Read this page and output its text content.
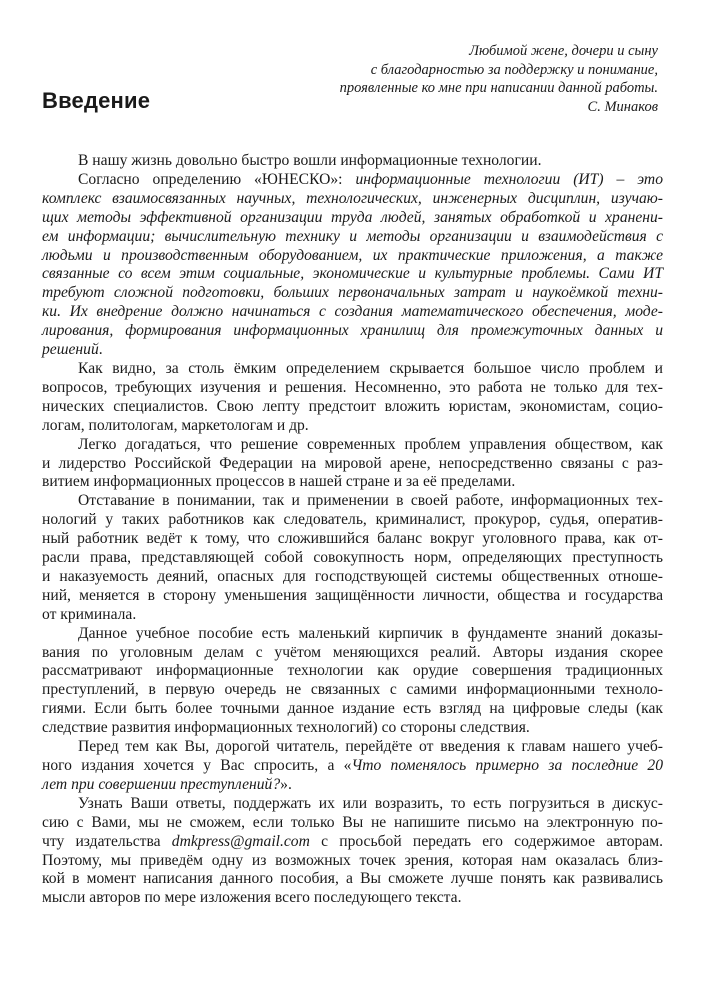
Любимой жене, дочери и сыну
с благодарностью за поддержку и понимание,
проявленные ко мне при написании данной работы.
С. Минаков
Введение
В нашу жизнь довольно быстро вошли информационные технологии.
Согласно определению «ЮНЕСКО»: информационные технологии (ИТ) – это
комплекс взаимосвязанных научных, технологических, инженерных дисциплин, изучаю-
щих методы эффективной организации труда людей, занятых обработкой и хранени-
ем информации; вычислительную технику и методы организации и взаимодействия с
людьми и производственным оборудованием, их практические приложения, а также
связанные со всем этим социальные, экономические и культурные проблемы. Сами ИТ
требуют сложной подготовки, больших первоначальных затрат и наукоёмкой техни-
ки. Их внедрение должно начинаться с создания математического обеспечения, моде-
лирования, формирования информационных хранилищ для промежуточных данных и
решений.
Как видно, за столь ёмким определением скрывается большое число проблем и
вопросов, требующих изучения и решения. Несомненно, это работа не только для тех-
нических специалистов. Свою лепту предстоит вложить юристам, экономистам, социо-
логам, политологам, маркетологам и др.
Легко догадаться, что решение современных проблем управления обществом, как
и лидерство Российской Федерации на мировой арене, непосредственно связаны с раз-
витием информационных процессов в нашей стране и за её пределами.
Отставание в понимании, так и применении в своей работе, информационных тех-
нологий у таких работников как следователь, криминалист, прокурор, судья, оператив-
ный работник ведёт к тому, что сложившийся баланс вокруг уголовного права, как от-
расли права, представляющей собой совокупность норм, определяющих преступность
и наказуемость деяний, опасных для господствующей системы общественных отноше-
ний, меняется в сторону уменьшения защищённости личности, общества и государства
от криминала.
Данное учебное пособие есть маленький кирпичик в фундаменте знаний доказы-
вания по уголовным делам с учётом меняющихся реалий. Авторы издания скорее
рассматривают информационные технологии как орудие совершения традиционных
преступлений, в первую очередь не связанных с самими информационными техноло-
гиями. Если быть более точными данное издание есть взгляд на цифровые следы (как
следствие развития информационных технологий) со стороны следствия.
Перед тем как Вы, дорогой читатель, перейдёте от введения к главам нашего учеб-
ного издания хочется у Вас спросить, а «Что поменялось примерно за последние 20
лет при совершении преступлений?».
Узнать Ваши ответы, поддержать их или возразить, то есть погрузиться в дискус-
сию с Вами, мы не сможем, если только Вы не напишите письмо на электронную по-
чту издательства dmkpress@gmail.com с просьбой передать его содержимое авторам.
Поэтому, мы приведём одну из возможных точек зрения, которая нам оказалась близ-
кой в момент написания данного пособия, а Вы сможете лучше понять как развивались
мысли авторов по мере изложения всего последующего текста.
